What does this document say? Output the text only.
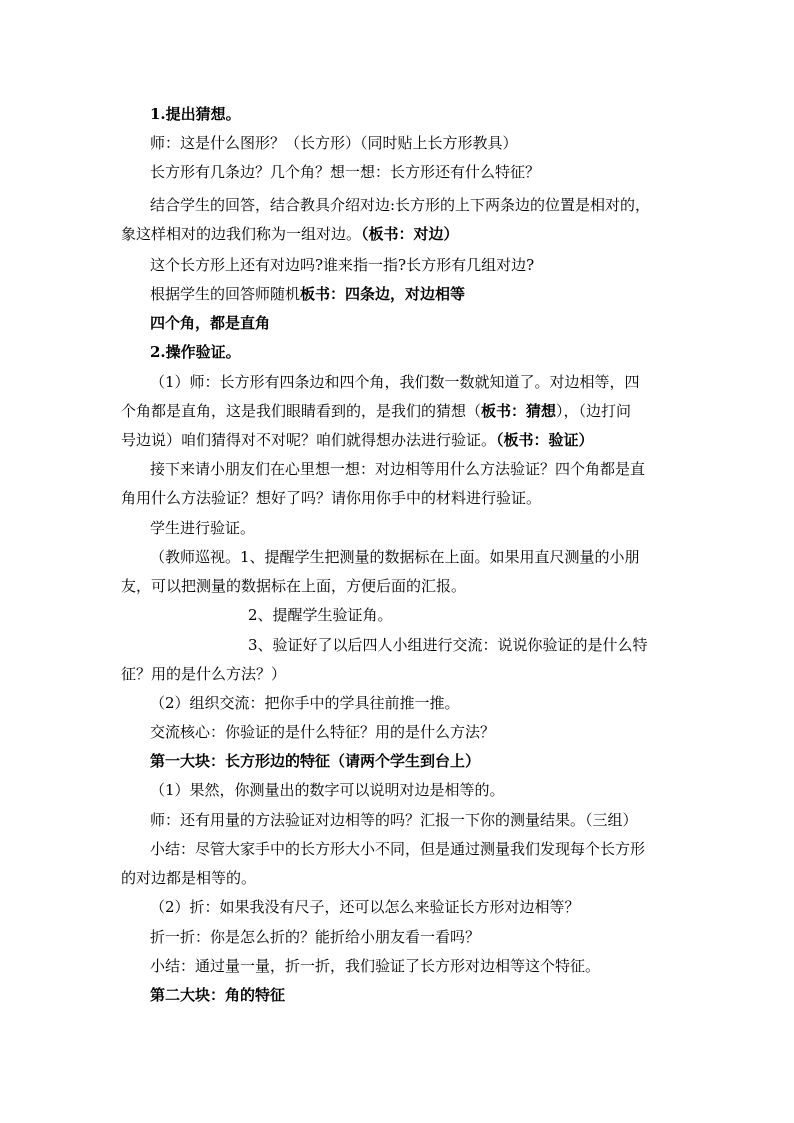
1.提出猜想。
师：这是什么图形？（长方形）（同时贴上长方形教具）
长方形有几条边？几个角？想一想：长方形还有什么特征？
结合学生的回答，结合教具介绍对边:长方形的上下两条边的位置是相对的，
象这样相对的边我们称为一组对边。（板书：对边）
这个长方形上还有对边吗?谁来指一指?长方形有几组对边?
根据学生的回答师随机板书：四条边，对边相等
四个角，都是直角
2.操作验证。
（1）师：长方形有四条边和四个角，我们数一数就知道了。对边相等，四
个角都是直角，这是我们眼睛看到的，是我们的猜想（板书：猜想），（边打问
号边说）咱们猜得对不对呢？咱们就得想办法进行验证。（板书：验证）
接下来请小朋友们在心里想一想：对边相等用什么方法验证？四个角都是直
角用什么方法验证？想好了吗？请你用你手中的材料进行验证。
学生进行验证。
（教师巡视。1、提醒学生把测量的数据标在上面。如果用直尺测量的小朋
友，可以把测量的数据标在上面，方便后面的汇报。
2、提醒学生验证角。
3、验证好了以后四人小组进行交流：说说你验证的是什么特
征？用的是什么方法？）
（2）组织交流：把你手中的学具往前推一推。
交流核心：你验证的是什么特征？用的是什么方法？
第一大块：长方形边的特征（请两个学生到台上）
（1）果然，你测量出的数字可以说明对边是相等的。
师：还有用量的方法验证对边相等的吗？汇报一下你的测量结果。（三组）
小结：尽管大家手中的长方形大小不同，但是通过测量我们发现每个长方形
的对边都是相等的。
（2）折：如果我没有尺子，还可以怎么来验证长方形对边相等？
折一折：你是怎么折的？能折给小朋友看一看吗？
小结：通过量一量，折一折，我们验证了长方形对边相等这个特征。
第二大块：角的特征
